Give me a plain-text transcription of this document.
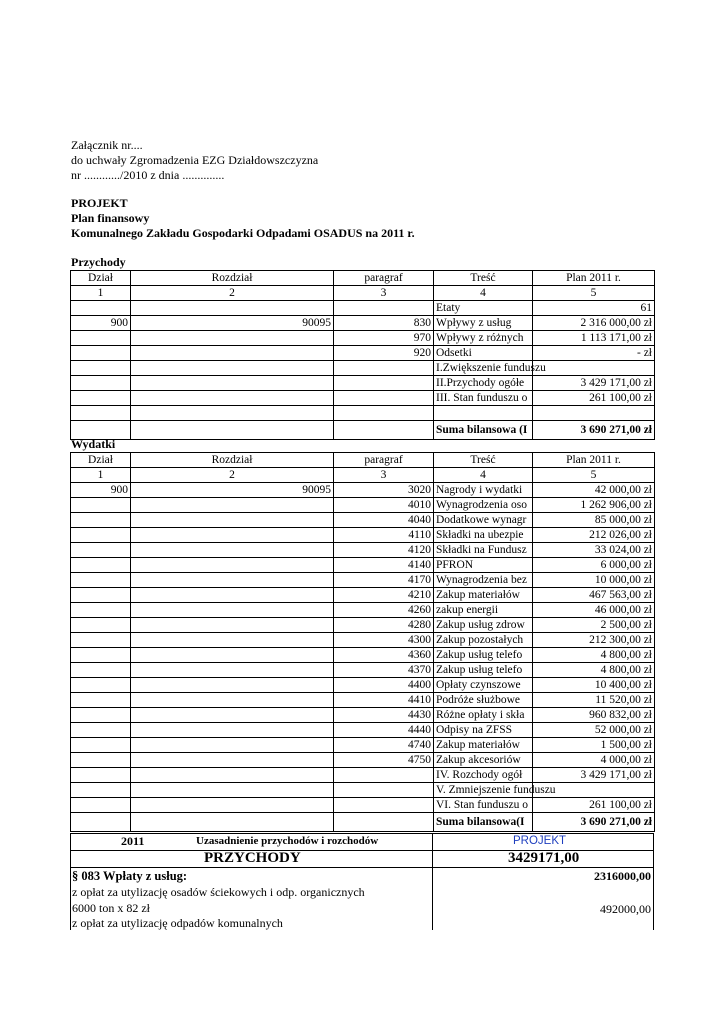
Załącznik nr....
do uchwały Zgromadzenia EZG Działdowszczyzna
nr ............/2010 z dnia ..............
PROJEKT
Plan finansowy
Komunalnego Zakładu Gospodarki Odpadami OSADUS na 2011 r.
Przychody
Dział	Rozdział	paragraf	Treść	Plan 2011 r.
1	2	3	4	5
			Etaty	61
900	90095	830	Wpływy z usług	2 316 000,00 zł
		970	Wpływy z różnych	1 113 171,00 zł
		920	Odsetki	- zł
			I.Zwiększenie funduszu	
			II.Przychody ogółe	3 429 171,00 zł
			III. Stan funduszu o	261 100,00 zł

			Suma bilansowa (I	3 690 271,00 zł
Wydatki
Dział	Rozdział	paragraf	Treść	Plan 2011 r.
1	2	3	4	5
900	90095	3020	Nagrody i wydatki	42 000,00 zł
		4010	Wynagrodzenia oso	1 262 906,00 zł
		4040	Dodatkowe wynagr	85 000,00 zł
		4110	Składki na ubezpie	212 026,00 zł
		4120	Składki na Fundusz	33 024,00 zł
		4140	PFRON	6 000,00 zł
		4170	Wynagrodzenia bez	10 000,00 zł
		4210	Zakup materiałów	467 563,00 zł
		4260	zakup energii	46 000,00 zł
		4280	Zakup usług zdrow	2 500,00 zł
		4300	Zakup pozostałych	212 300,00 zł
		4360	Zakup usług telefo	4 800,00 zł
		4370	Zakup usług telefo	4 800,00 zł
		4400	Opłaty czynszowe	10 400,00 zł
		4410	Podróże służbowe	11 520,00 zł
		4430	Różne opłaty i skła	960 832,00 zł
		4440	Odpisy na ZFSS	52 000,00 zł
		4740	Zakup materiałów	1 500,00 zł
		4750	Zakup akcesoriów	4 000,00 zł
			IV. Rozchody ogół	3 429 171,00 zł
			V. Zmniejszenie funduszu	
			VI. Stan funduszu o	261 100,00 zł
			Suma bilansowa(I	3 690 271,00 zł
2011	Uzasadnienie przychodów i rozchodów	PROJEKT
PRZYCHODY	3429171,00
§ 083 Wpłaty z usług:	2316000,00
z opłat za utylizację osadów ściekowych i odp. organicznych
6000 ton x 82 zł	492000,00
z opłat za utylizację odpadów komunalnych
